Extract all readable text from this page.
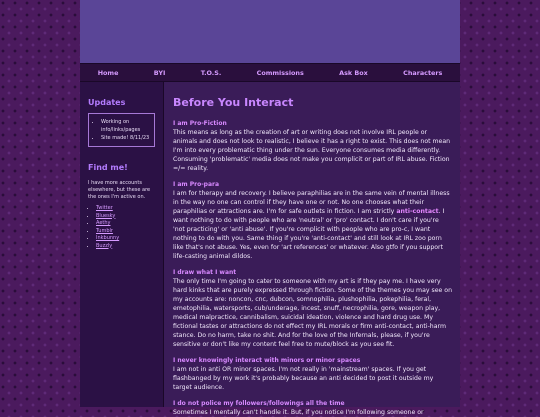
Home	BYI	T.O.S.	Commissions	Ask Box	Characters
Updates
• Working on info/links/pages
• Site made! 8/11/23
Find me!

I have more accounts elsewhere, but these are the ones I'm active on.

• Twitter
• Bluesky
• Aethy
• Tumblr
• Inkbunny
• Buzzly
Before You Interact
I am Pro-Fiction
This means as long as the creation of art or writing does not involve IRL people or animals and does not look to realistic, I believe it has a right to exist. This does not mean I'm into every problematic thing under the sun. Everyone consumes media differently. Consuming 'problematic' media does not make you complicit or part of IRL abuse. Fiction =/= reality.
I am Pro-para
I am for therapy and recovery. I believe paraphilias are in the same vein of mental illness in the way no one can control if they have one or not. No one chooses what their paraphilias or attractions are. I'm for safe outlets in fiction. I am strictly anti-contact. I want nothing to do with people who are 'neutral' or 'pro' contact. I don't care if you're 'not practicing' or 'anti abuse'. If you're complicit with people who are pro-c, I want nothing to do with you. Same thing if you're 'anti-contact' and still look at IRL zoo porn like that's not abuse. Yes, even for 'art references' or whatever. Also gtfo if you support life-casting animal dildos.
I draw what I want
The only time I'm going to cater to someone with my art is if they pay me. I have very hard kinks that are purely expressed through fiction. Some of the themes you may see on my accounts are: noncon, cnc, dubcon, somnophilia, plushophilia, pokephilia, feral, emetophilia, watersports, cub/underage, incest, snuff, necrophilia, gore, weapon play, medical malpractice, cannibalism, suicidal ideation, violence and hard drug use. My fictional tastes or attractions do not effect my IRL morals or firm anti-contact, anti-harm stance. Do no harm, take no shit. And for the love of the Infernals, please, if you're sensitive or don't like my content feel free to mute/block as you see fit.
I never knowingly interact with minors or minor spaces
I am not in anti OR minor spaces. I'm not really in 'mainstream' spaces. If you get flashbanged by my work it's probably because an anti decided to post it outside my target audience.
I do not police my followers/followings all the time
Sometimes I mentally can't handle it. But, if you notice I'm following someone or
